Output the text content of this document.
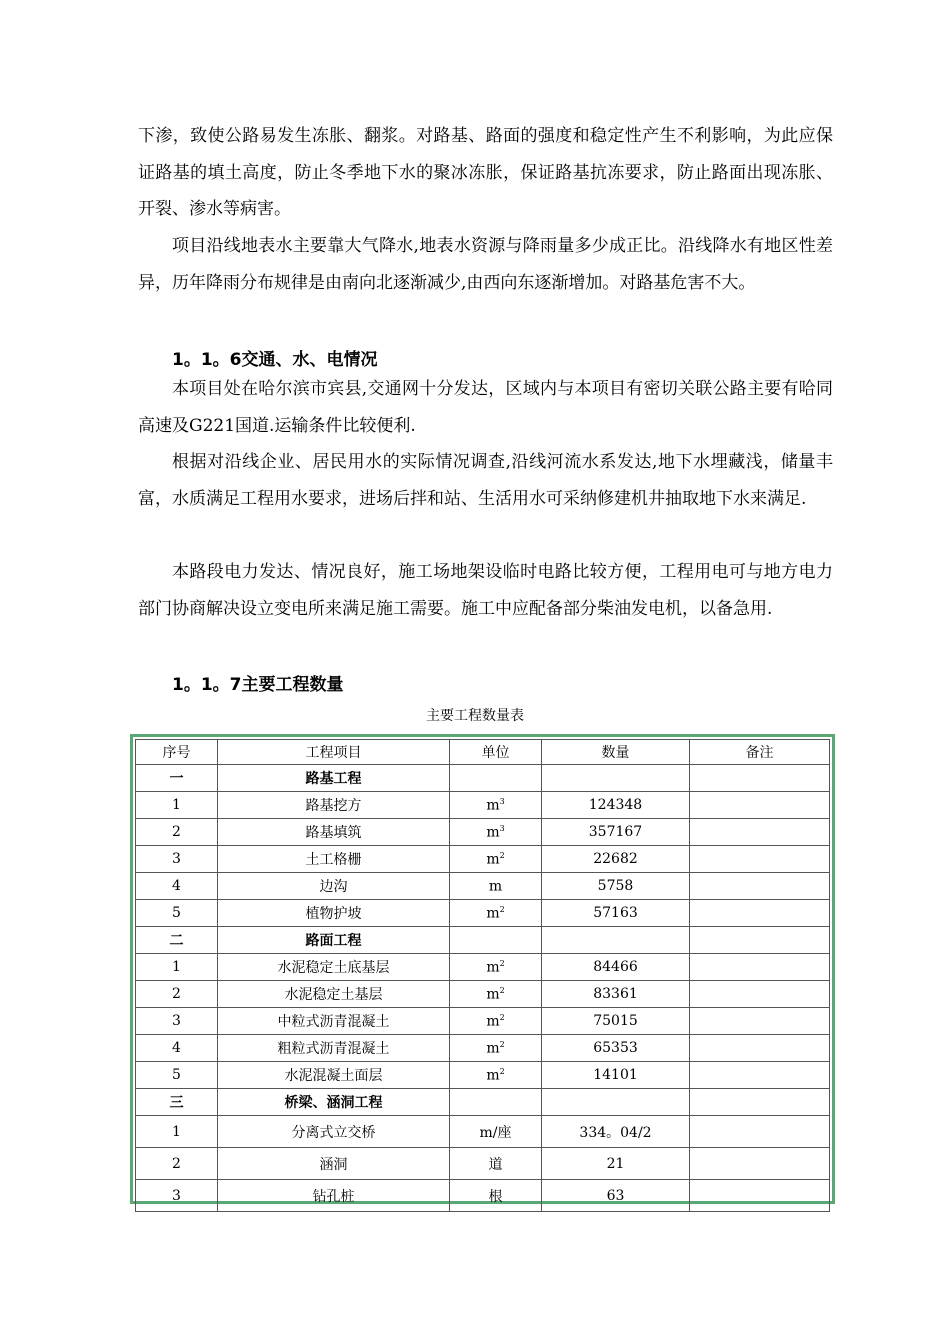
下渗，致使公路易发生冻胀、翻浆。对路基、路面的强度和稳定性产生不利影响，为此应保证路基的填土高度，防止冬季地下水的聚冰冻胀，保证路基抗冻要求，防止路面出现冻胀、开裂、渗水等病害。

项目沿线地表水主要靠大气降水,地表水资源与降雨量多少成正比。沿线降水有地区性差异，历年降雨分布规律是由南向北逐渐减少,由西向东逐渐增加。对路基危害不大。

1。1。6交通、水、电情况

本项目处在哈尔滨市宾县,交通网十分发达，区域内与本项目有密切关联公路主要有哈同高速及G221国道.运输条件比较便利.

根据对沿线企业、居民用水的实际情况调查,沿线河流水系发达,地下水埋藏浅，储量丰富，水质满足工程用水要求，进场后拌和站、生活用水可采纳修建机井抽取地下水来满足.

本路段电力发达、情况良好，施工场地架设临时电路比较方便，工程用电可与地方电力部门协商解决设立变电所来满足施工需要。施工中应配备部分柴油发电机，以备急用.

1。1。7主要工程数量

主要工程数量表
序号	工程项目	单位	数量	备注
一	路基工程			
1	路基挖方	$m^3$	124348	
2	路基填筑	$m^3$	357167	
3	土工格栅	$m^2$	22682	
4	边沟	m	5758	
5	植物护坡	$m^2$	57163	
二	路面工程			
1	水泥稳定土底基层	$m^2$	84466	
2	水泥稳定土基层	$m^2$	83361	
3	中粒式沥青混凝土	$m^2$	75015	
4	粗粒式沥青混凝土	$m^2$	65353	
5	水泥混凝土面层	$m^2$	14101	
三	桥梁、涵洞工程			
1	分离式立交桥	m/座	334。04/2	
2	涵洞	道	21	
3	钻孔桩	根	63	
